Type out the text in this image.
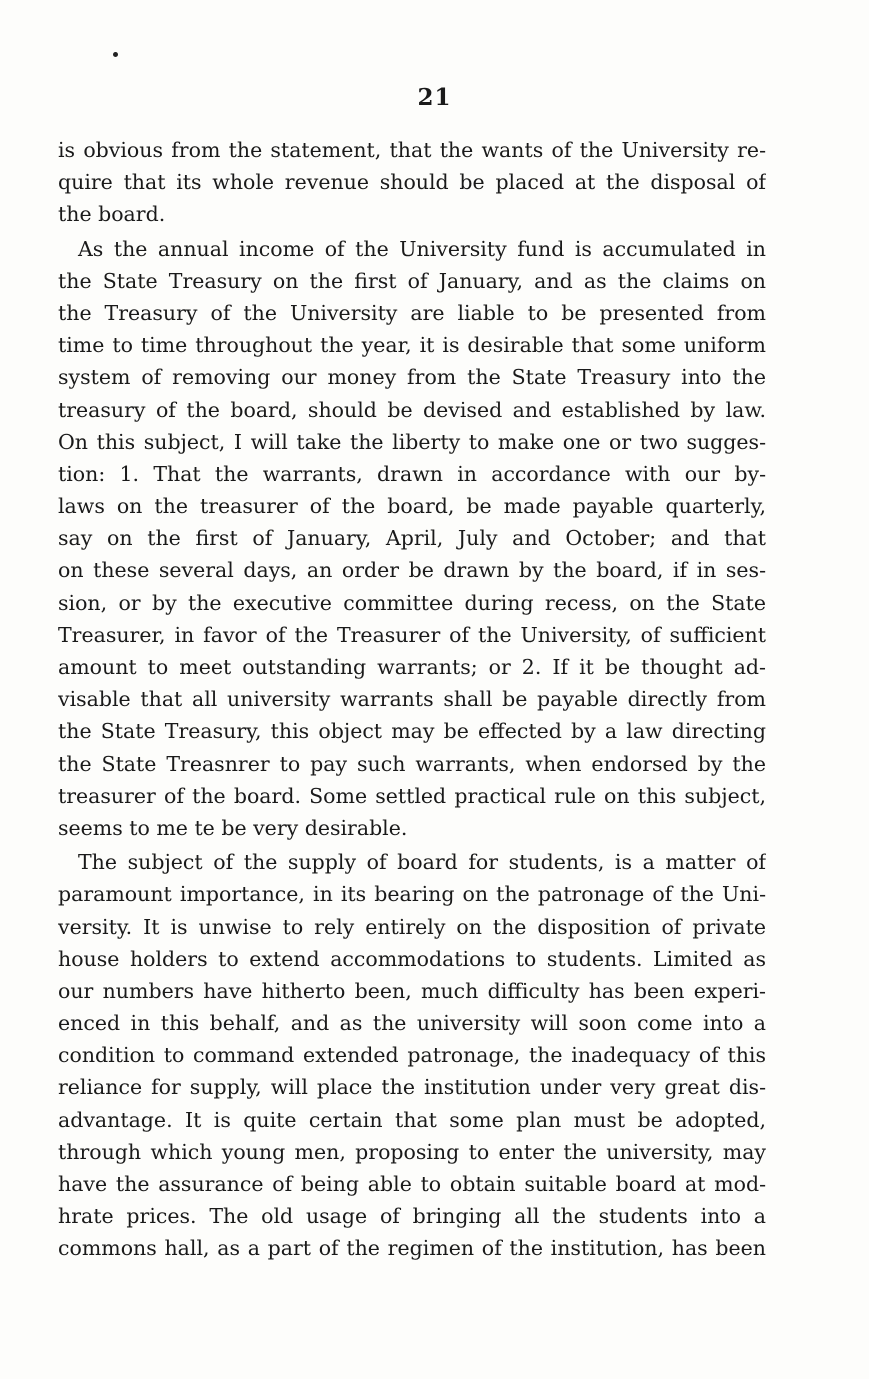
21
is obvious from the statement, that the wants of the University re-
quire that its whole revenue should be placed at the disposal of
the board.
As the annual income of the University fund is accumulated in
the State Treasury on the first of January, and as the claims on
the Treasury of the University are liable to be presented from
time to time throughout the year, it is desirable that some uniform
system of removing our money from the State Treasury into the
treasury of the board, should be devised and established by law.
On this subject, I will take the liberty to make one or two sugges-
tion: 1. That the warrants, drawn in accordance with our by-
laws on the treasurer of the board, be made payable quarterly,
say on the first of January, April, July and October; and that
on these several days, an order be drawn by the board, if in ses-
sion, or by the executive committee during recess, on the State
Treasurer, in favor of the Treasurer of the University, of sufficient
amount to meet outstanding warrants; or 2. If it be thought ad-
visable that all university warrants shall be payable directly from
the State Treasury, this object may be effected by a law directing
the State Treasnrer to pay such warrants, when endorsed by the
treasurer of the board. Some settled practical rule on this subject,
seems to me te be very desirable.
The subject of the supply of board for students, is a matter of
paramount importance, in its bearing on the patronage of the Uni-
versity. It is unwise to rely entirely on the disposition of private
house holders to extend accommodations to students. Limited as
our numbers have hitherto been, much difficulty has been experi-
enced in this behalf, and as the university will soon come into a
condition to command extended patronage, the inadequacy of this
reliance for supply, will place the institution under very great dis-
advantage. It is quite certain that some plan must be adopted,
through which young men, proposing to enter the university, may
have the assurance of being able to obtain suitable board at mod-
hrate prices. The old usage of bringing all the students into a
commons hall, as a part of the regimen of the institution, has been
